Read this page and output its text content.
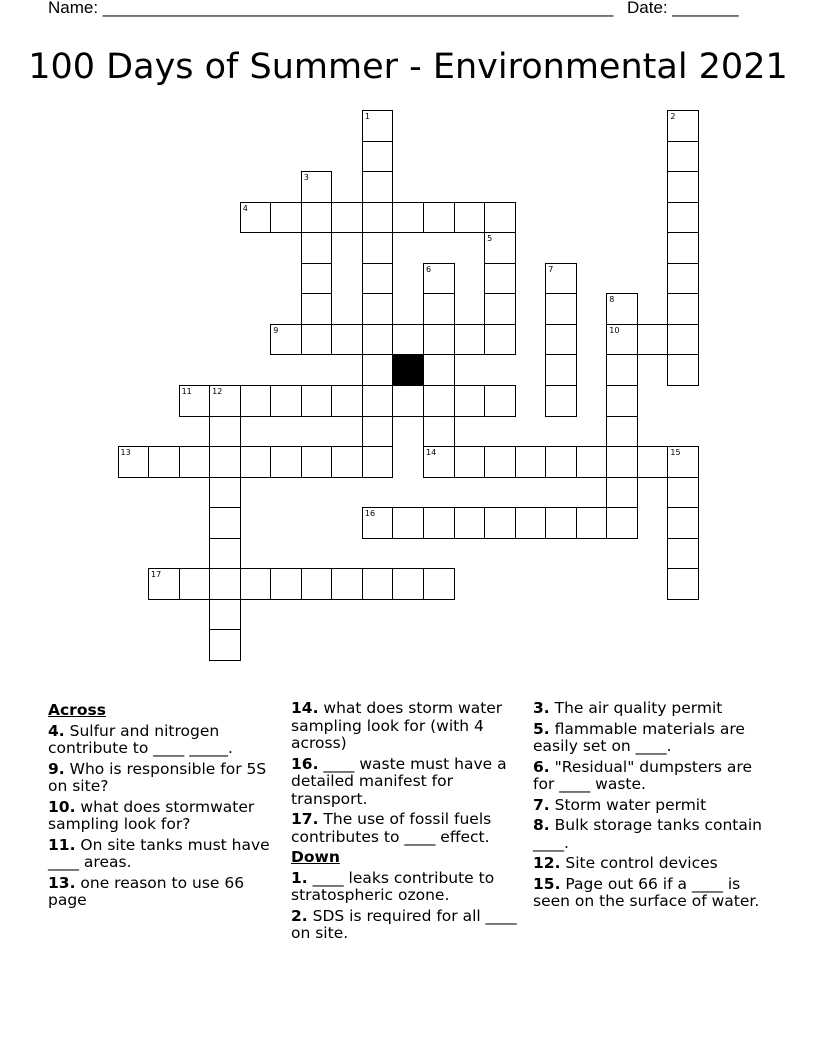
Name: ______________________________________________________ Date: _______
100 Days of Summer - Environmental 2021
1	2
3
4
5
6	7
8
9	10
11	12
13	14	15
16
17
Across
4. Sulfur and nitrogen contribute to ____ _____.
9. Who is responsible for 5S on site?
10. what does stormwater sampling look for?
11. On site tanks must have ____ areas.
13. one reason to use 66 page
14. what does storm water sampling look for (with 4 across)
16. ____ waste must have a detailed manifest for transport.
17. The use of fossil fuels contributes to ____ effect.
Down
1. ____ leaks contribute to stratospheric ozone.
2. SDS is required for all ____ on site.
3. The air quality permit
5. flammable materials are easily set on ____.
6. "Residual" dumpsters are for ____ waste.
7. Storm water permit
8. Bulk storage tanks contain ____.
12. Site control devices
15. Page out 66 if a ____ is seen on the surface of water.
